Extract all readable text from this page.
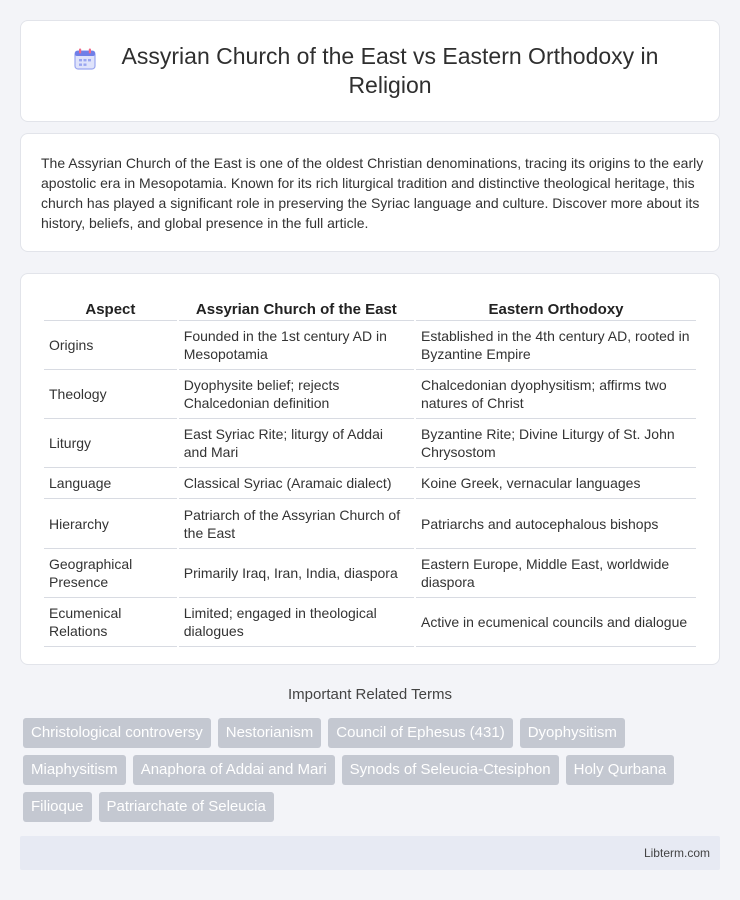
Assyrian Church of the East vs Eastern Orthodoxy in Religion

The Assyrian Church of the East is one of the oldest Christian denominations, tracing its origins to the early apostolic era in Mesopotamia. Known for its rich liturgical tradition and distinctive theological heritage, this church has played a significant role in preserving the Syriac language and culture. Discover more about its history, beliefs, and global presence in the full article.

Aspect	Assyrian Church of the East	Eastern Orthodoxy
Origins	Founded in the 1st century AD in Mesopotamia	Established in the 4th century AD, rooted in Byzantine Empire
Theology	Dyophysite belief; rejects Chalcedonian definition	Chalcedonian dyophysitism; affirms two natures of Christ
Liturgy	East Syriac Rite; liturgy of Addai and Mari	Byzantine Rite; Divine Liturgy of St. John Chrysostom
Language	Classical Syriac (Aramaic dialect)	Koine Greek, vernacular languages
Hierarchy	Patriarch of the Assyrian Church of the East	Patriarchs and autocephalous bishops
Geographical Presence	Primarily Iraq, Iran, India, diaspora	Eastern Europe, Middle East, worldwide diaspora
Ecumenical Relations	Limited; engaged in theological dialogues	Active in ecumenical councils and dialogue
Important Related Terms
Christological controversy	Nestorianism	Council of Ephesus (431)	Dyophysitism
Miaphysitism	Anaphora of Addai and Mari	Synods of Seleucia-Ctesiphon	Holy Qurbana
Filioque	Patriarchate of Seleucia
Libterm.com
